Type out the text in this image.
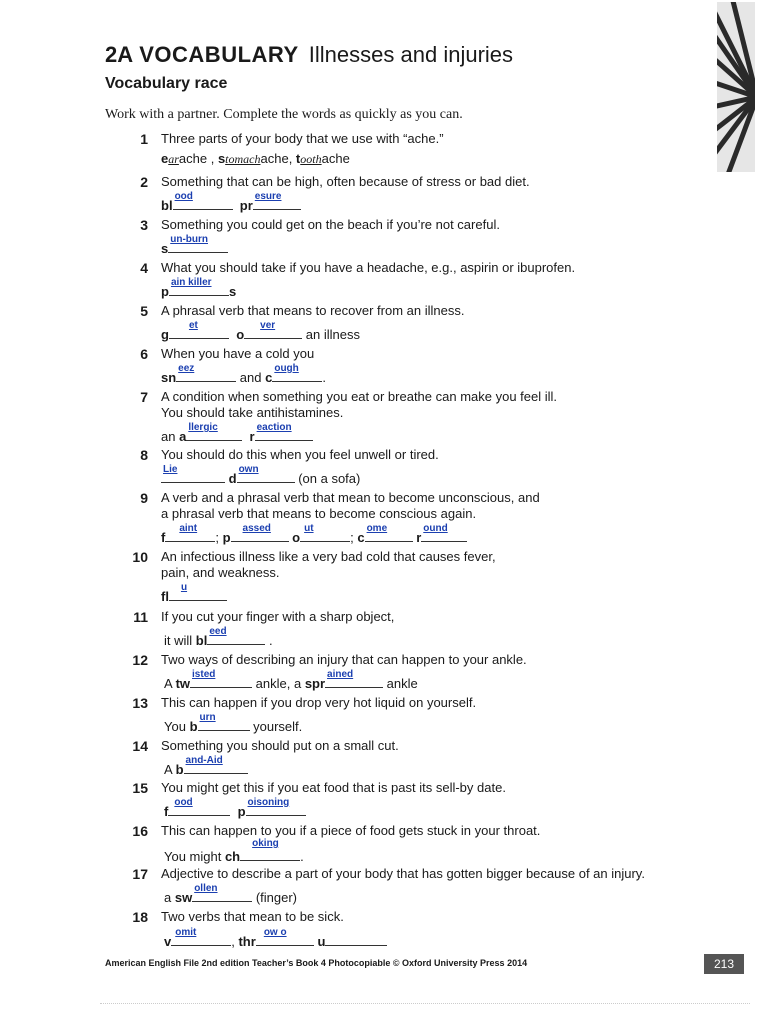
2A VOCABULARY Illnesses and injuries
Vocabulary race
Work with a partner. Complete the words as quickly as you can.
1 Three parts of your body that we use with “ache.”
earache , stomachache, toothache
2 Something that can be high, often because of stress or bad diet.
bl
ood
pr
esure
3 Something you could get on the beach if you’re not careful.
s
un-burn
4 What you should take if you have a headache, e.g., aspirin or ibuprofen.
p
ain killer
s
5 A phrasal verb that means to recover from an illness.
g
et
o
ver
an illness
6 When you have a cold you
sn
eez
and c
ough
.
7 A condition when something you eat or breathe can make you feel ill.
You should take antihistamines.
an a
llergic
r
eaction
8 You should do this when you feel unwell or tired.
Lie
d
own
(on a sofa)
9 A verb and a phrasal verb that mean to become unconscious, and
a phrasal verb that means to become conscious again.
f
aint
; p
assed
o
ut
; c
ome
r
ound
10 An infectious illness like a very bad cold that causes fever,
pain, and weakness.
fl
u
11 If you cut your finger with a sharp object,
it will bl
eed
.
12 Two ways of describing an injury that can happen to your ankle.
A tw
isted
ankle, a spr
ained
ankle
13 This can happen if you drop very hot liquid on yourself.
You b
urn
yourself.
14 Something you should put on a small cut.
A b
and-Aid
15 You might get this if you eat food that is past its sell-by date.
f
ood
p
oisoning
16 This can happen to you if a piece of food gets stuck in your throat.
You might ch
oking
.
17 Adjective to describe a part of your body that has gotten bigger because of an injury.
a sw
ollen
(finger)
18 Two verbs that mean to be sick.
v
omit
, thr
ow o
u
American English File 2nd edition Teacher’s Book 4 Photocopiable © Oxford University Press 2014	213
